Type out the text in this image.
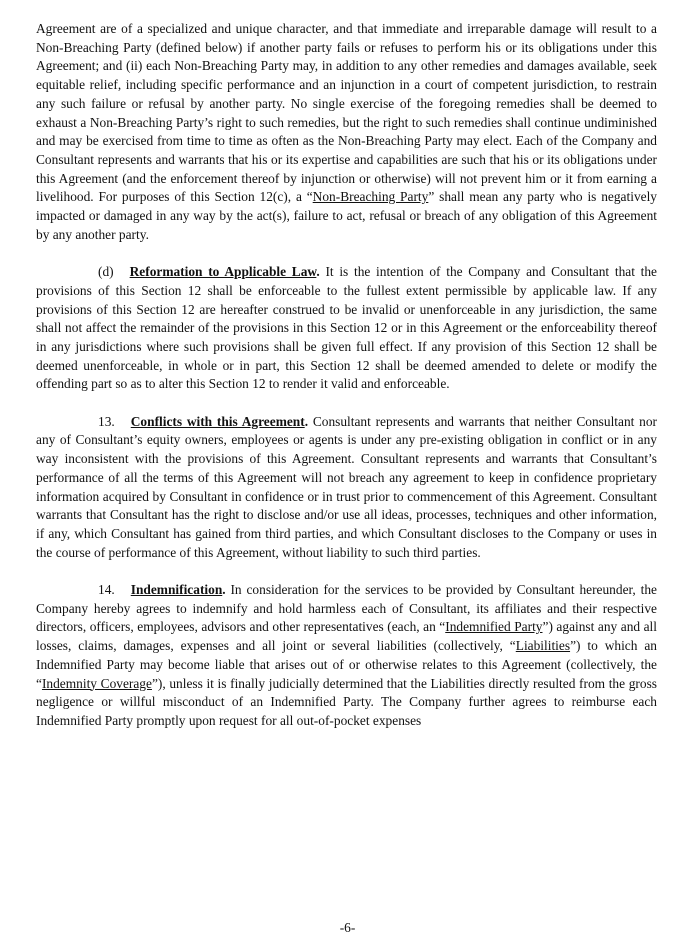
Agreement are of a specialized and unique character, and that immediate and irreparable damage will result to a Non-Breaching Party (defined below) if another party fails or refuses to perform his or its obligations under this Agreement; and (ii) each Non-Breaching Party may, in addition to any other remedies and damages available, seek equitable relief, including specific performance and an injunction in a court of competent jurisdiction, to restrain any such failure or refusal by another party. No single exercise of the foregoing remedies shall be deemed to exhaust a Non-Breaching Party’s right to such remedies, but the right to such remedies shall continue undiminished and may be exercised from time to time as often as the Non-Breaching Party may elect. Each of the Company and Consultant represents and warrants that his or its expertise and capabilities are such that his or its obligations under this Agreement (and the enforcement thereof by injunction or otherwise) will not prevent him or it from earning a livelihood. For purposes of this Section 12(c), a “Non-Breaching Party” shall mean any party who is negatively impacted or damaged in any way by the act(s), failure to act, refusal or breach of any obligation of this Agreement by any another party.

(d) Reformation to Applicable Law. It is the intention of the Company and Consultant that the provisions of this Section 12 shall be enforceable to the fullest extent permissible by applicable law. If any provisions of this Section 12 are hereafter construed to be invalid or unenforceable in any jurisdiction, the same shall not affect the remainder of the provisions in this Section 12 or in this Agreement or the enforceability thereof in any jurisdictions where such provisions shall be given full effect. If any provision of this Section 12 shall be deemed unenforceable, in whole or in part, this Section 12 shall be deemed amended to delete or modify the offending part so as to alter this Section 12 to render it valid and enforceable.

13. Conflicts with this Agreement. Consultant represents and warrants that neither Consultant nor any of Consultant’s equity owners, employees or agents is under any pre-existing obligation in conflict or in any way inconsistent with the provisions of this Agreement. Consultant represents and warrants that Consultant’s performance of all the terms of this Agreement will not breach any agreement to keep in confidence proprietary information acquired by Consultant in confidence or in trust prior to commencement of this Agreement. Consultant warrants that Consultant has the right to disclose and/or use all ideas, processes, techniques and other information, if any, which Consultant has gained from third parties, and which Consultant discloses to the Company or uses in the course of performance of this Agreement, without liability to such third parties.

14. Indemnification. In consideration for the services to be provided by Consultant hereunder, the Company hereby agrees to indemnify and hold harmless each of Consultant, its affiliates and their respective directors, officers, employees, advisors and other representatives (each, an “Indemnified Party”) against any and all losses, claims, damages, expenses and all joint or several liabilities (collectively, “Liabilities”) to which an Indemnified Party may become liable that arises out of or otherwise relates to this Agreement (collectively, the “Indemnity Coverage”), unless it is finally judicially determined that the Liabilities directly resulted from the gross negligence or willful misconduct of an Indemnified Party. The Company further agrees to reimburse each Indemnified Party promptly upon request for all out-of-pocket expenses

-6-
